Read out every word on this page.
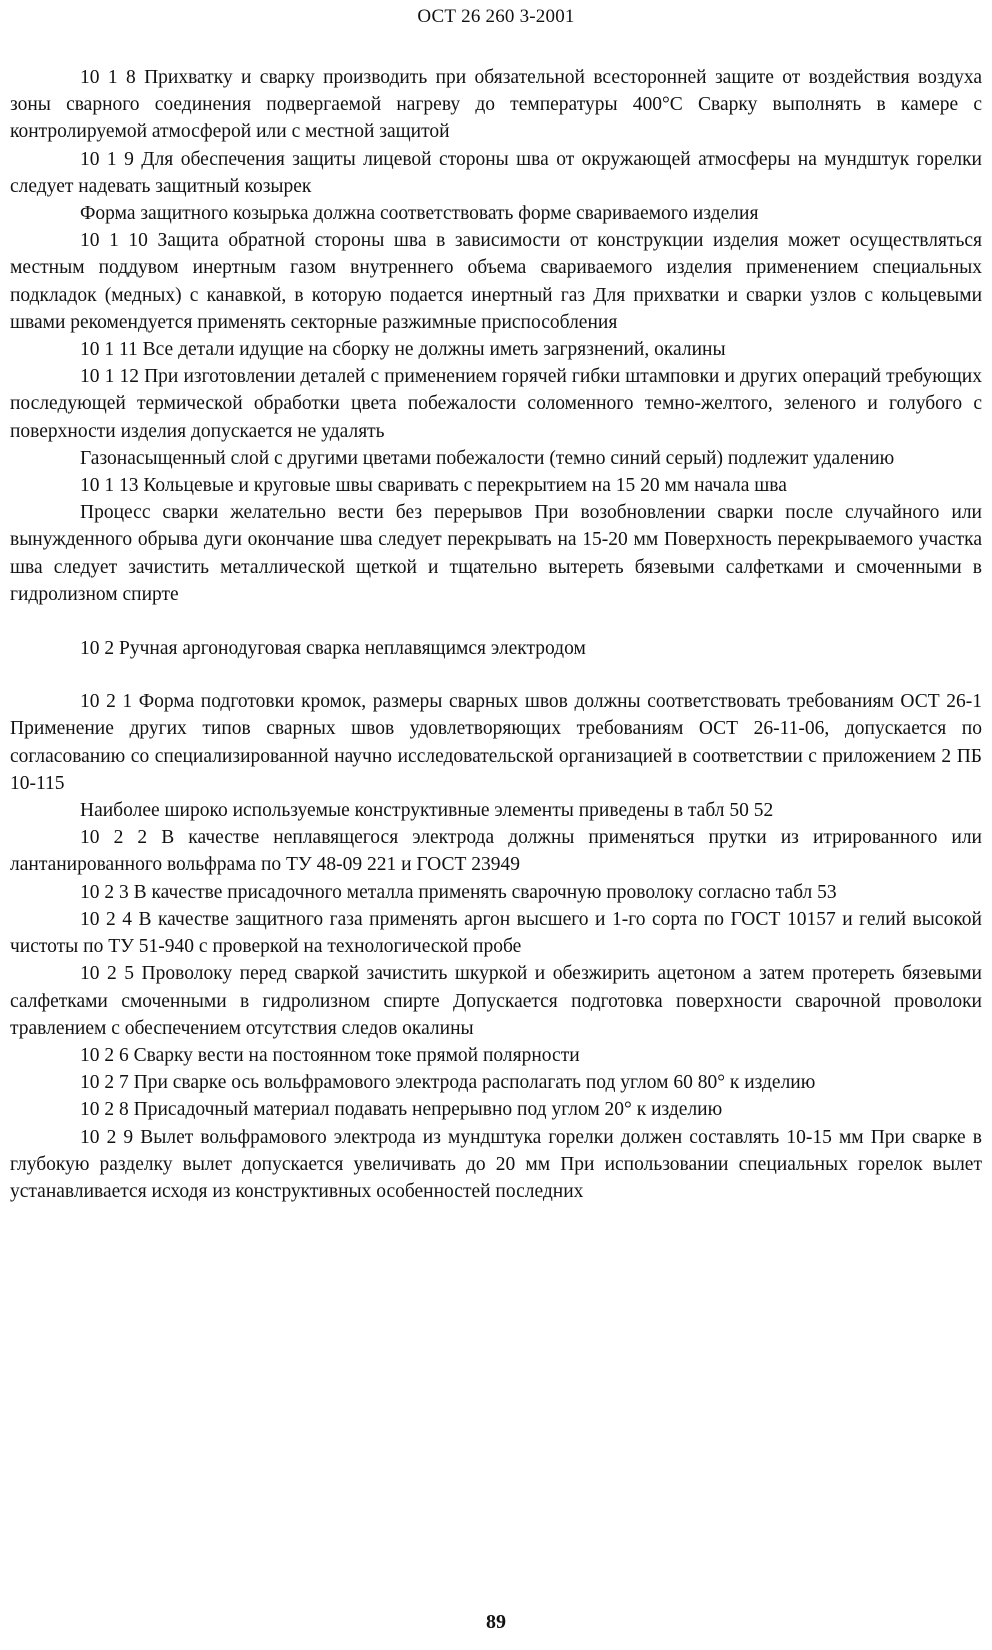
ОСТ 26 260 3-2001

10 1 8 Прихватку и сварку производить при обязательной всесторонней защите от воздействия воздуха зоны сварного соединения подвергаемой нагреву до температуры 400°С Сварку выполнять в камере с контролируемой атмосферой или с местной защитой

10 1 9 Для обеспечения защиты лицевой стороны шва от окружающей атмосферы на мундштук горелки следует надевать защитный козырек

Форма защитного козырька должна соответствовать форме свариваемого изделия

10 1 10 Защита обратной стороны шва в зависимости от конструкции изделия может осуществляться местным поддувом инертным газом внутреннего объема свариваемого изделия применением специальных подкладок (медных) с канавкой, в которую подается инертный газ Для прихватки и сварки узлов с кольцевыми швами рекомендуется применять секторные разжимные приспособления

10 1 11 Все детали идущие на сборку не должны иметь загрязнений, окалины

10 1 12 При изготовлении деталей с применением горячей гибки штамповки и других операций требующих последующей термической обработки цвета побежалости соломенного темно-желтого, зеленого и голубого с поверхности изделия допускается не удалять

Газонасыщенный слой с другими цветами побежалости (темно синий серый) подлежит удалению

10 1 13 Кольцевые и круговые швы сваривать с перекрытием на 15 20 мм начала шва

Процесс сварки желательно вести без перерывов При возобновлении сварки после случайного или вынужденного обрыва дуги окончание шва следует перекрывать на 15-20 мм Поверхность перекрываемого участка шва следует зачистить металлической щеткой и тщательно вытереть бязевыми салфетками и смоченными в гидролизном спирте

10 2 Ручная аргонодуговая сварка неплавящимся электродом

10 2 1 Форма подготовки кромок, размеры сварных швов должны соответствовать требованиям ОСТ 26-1 Применение других типов сварных швов удовлетворяющих требованиям ОСТ 26-11-06, допускается по согласованию со специализированной научно исследовательской организацией в соответствии с приложением 2 ПБ 10-115

Наиболее широко используемые конструктивные элементы приведены в табл 50 52

10 2 2 В качестве неплавящегося электрода должны применяться прутки из итрированного или лантанированного вольфрама по ТУ 48-09 221 и ГОСТ 23949

10 2 3 В качестве присадочного металла применять сварочную проволоку согласно табл 53

10 2 4 В качестве защитного газа применять аргон высшего и 1-го сорта по ГОСТ 10157 и гелий высокой чистоты по ТУ 51-940 с проверкой на технологической пробе

10 2 5 Проволоку перед сваркой зачистить шкуркой и обезжирить ацетоном а затем протереть бязевыми салфетками смоченными в гидролизном спирте Допускается подготовка поверхности сварочной проволоки травлением с обеспечением отсутствия следов окалины

10 2 6 Сварку вести на постоянном токе прямой полярности

10 2 7 При сварке ось вольфрамового электрода располагать под углом 60 80° к изделию

10 2 8 Присадочный материал подавать непрерывно под углом 20° к изделию

10 2 9 Вылет вольфрамового электрода из мундштука горелки должен составлять 10-15 мм При сварке в глубокую разделку вылет допускается увеличивать до 20 мм При использовании специальных горелок вылет устанавливается исходя из конструктивных особенностей последних

89
